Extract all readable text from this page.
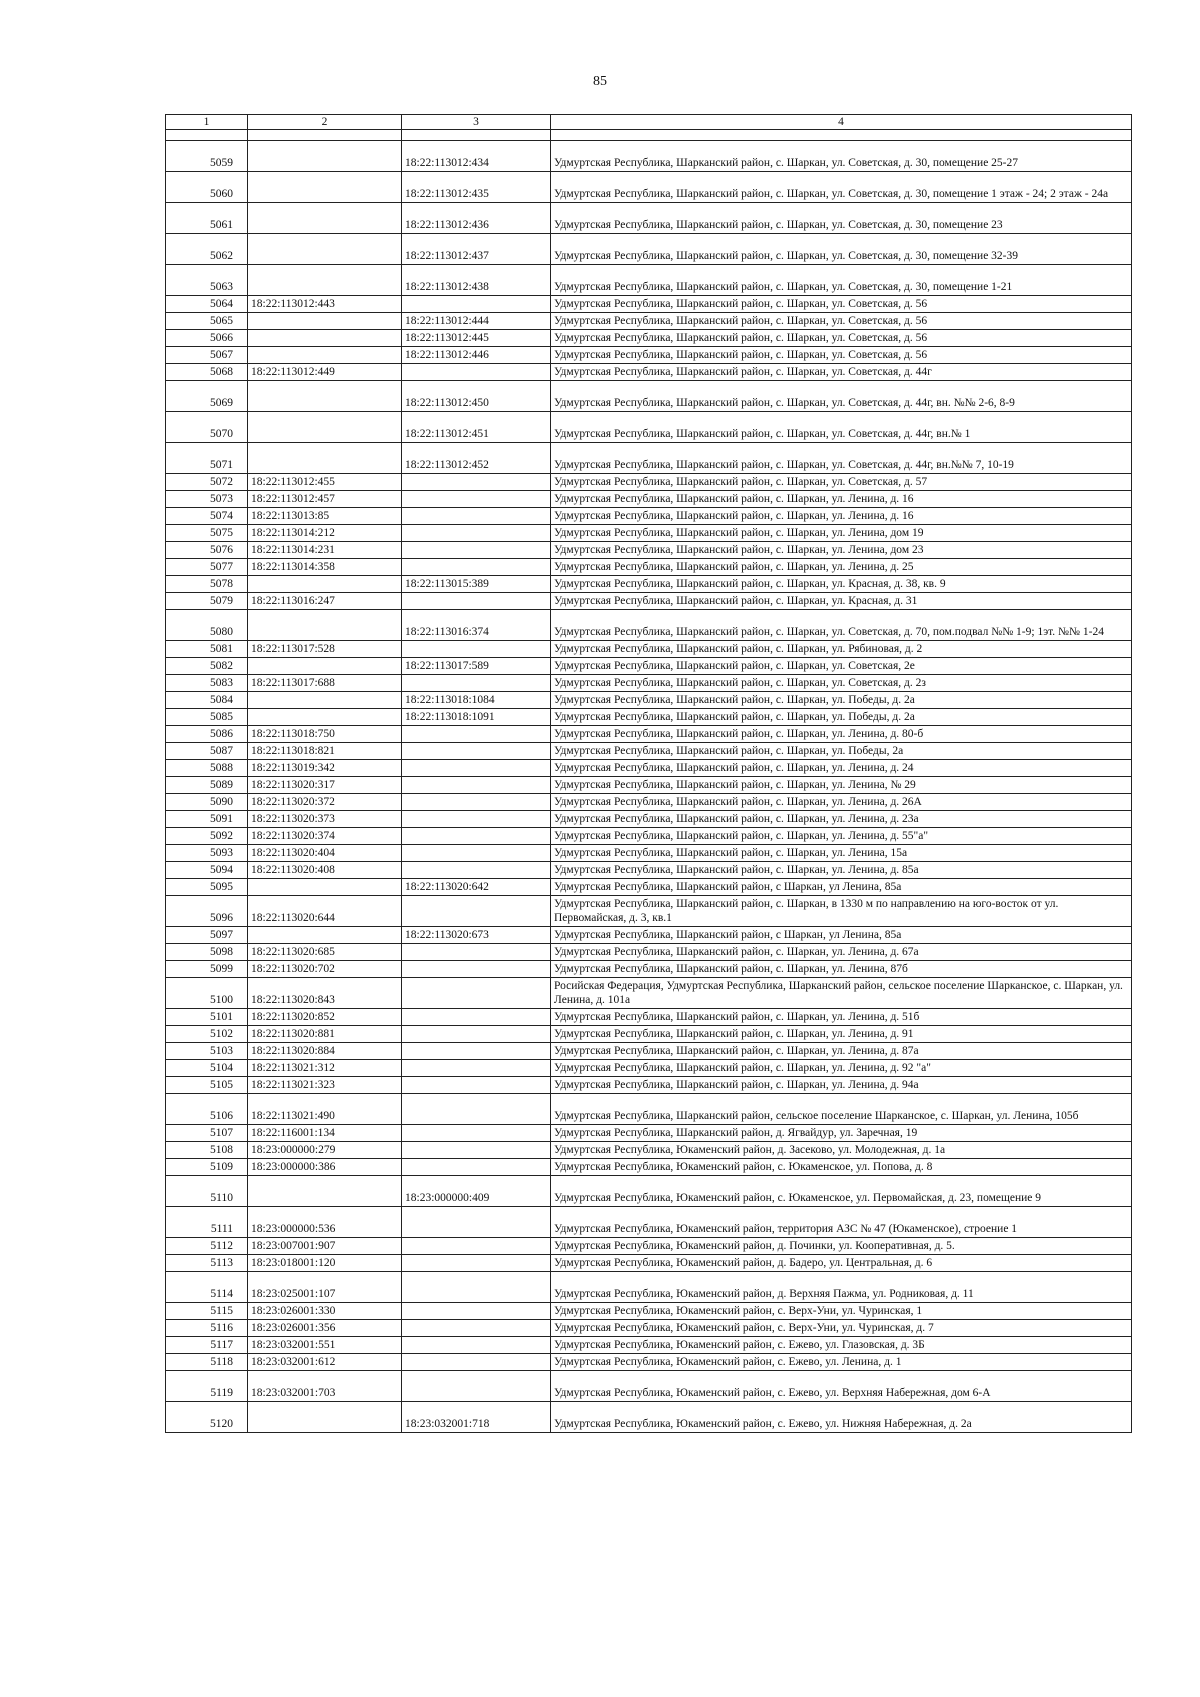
85
1	2	3	4

5059		18:22:113012:434	Удмуртская Республика, Шарканский район, с. Шаркан, ул. Советская, д. 30, помещение 25-27
5060		18:22:113012:435	Удмуртская Республика, Шарканский район, с. Шаркан, ул. Советская, д. 30, помещение 1 этаж - 24; 2 этаж - 24а
5061		18:22:113012:436	Удмуртская Республика, Шарканский район, с. Шаркан, ул. Советская, д. 30, помещение 23
5062		18:22:113012:437	Удмуртская Республика, Шарканский район, с. Шаркан, ул. Советская, д. 30, помещение 32-39
5063		18:22:113012:438	Удмуртская Республика, Шарканский район, с. Шаркан, ул. Советская, д. 30, помещение 1-21
5064	18:22:113012:443		Удмуртская Республика, Шарканский район, с. Шаркан, ул. Советская, д. 56
5065		18:22:113012:444	Удмуртская Республика, Шарканский район, с. Шаркан, ул. Советская, д. 56
5066		18:22:113012:445	Удмуртская Республика, Шарканский район, с. Шаркан, ул. Советская, д. 56
5067		18:22:113012:446	Удмуртская Республика, Шарканский район, с. Шаркан, ул. Советская, д. 56
5068	18:22:113012:449		Удмуртская Республика, Шарканский район, с. Шаркан, ул. Советская, д. 44г
5069		18:22:113012:450	Удмуртская Республика, Шарканский район, с. Шаркан, ул. Советская, д. 44г, вн. №№ 2-6, 8-9
5070		18:22:113012:451	Удмуртская Республика, Шарканский район, с. Шаркан, ул. Советская, д. 44г, вн.№ 1
5071		18:22:113012:452	Удмуртская Республика, Шарканский район, с. Шаркан, ул. Советская, д. 44г, вн.№№ 7, 10-19
5072	18:22:113012:455		Удмуртская Республика, Шарканский район, с. Шаркан, ул. Советская, д. 57
5073	18:22:113012:457		Удмуртская Республика, Шарканский район, с. Шаркан, ул. Ленина, д. 16
5074	18:22:113013:85		Удмуртская Республика, Шарканский район, с. Шаркан, ул. Ленина, д. 16
5075	18:22:113014:212		Удмуртская Республика, Шарканский район, с. Шаркан, ул. Ленина, дом 19
5076	18:22:113014:231		Удмуртская Республика, Шарканский район, с. Шаркан, ул. Ленина, дом 23
5077	18:22:113014:358		Удмуртская Республика, Шарканский район, с. Шаркан, ул. Ленина, д. 25
5078		18:22:113015:389	Удмуртская Республика, Шарканский район, с. Шаркан, ул. Красная, д. 38, кв. 9
5079	18:22:113016:247		Удмуртская Республика, Шарканский район, с. Шаркан, ул. Красная, д. 31
5080		18:22:113016:374	Удмуртская Республика, Шарканский район, с. Шаркан, ул. Советская, д. 70, пом.подвал №№ 1-9; 1эт. №№ 1-24
5081	18:22:113017:528		Удмуртская Республика, Шарканский район, с. Шаркан, ул. Рябиновая, д. 2
5082		18:22:113017:589	Удмуртская Республика, Шарканский район, с. Шаркан, ул. Советская, 2е
5083	18:22:113017:688		Удмуртская Республика, Шарканский район, с. Шаркан, ул. Советская, д. 2з
5084		18:22:113018:1084	Удмуртская Республика, Шарканский район, с. Шаркан, ул. Победы, д. 2а
5085		18:22:113018:1091	Удмуртская Республика, Шарканский район, с. Шаркан, ул. Победы, д. 2а
5086	18:22:113018:750		Удмуртская Республика, Шарканский район, с. Шаркан, ул. Ленина, д. 80-б
5087	18:22:113018:821		Удмуртская Республика, Шарканский район, с. Шаркан, ул. Победы, 2а
5088	18:22:113019:342		Удмуртская Республика, Шарканский район, с. Шаркан, ул. Ленина, д. 24
5089	18:22:113020:317		Удмуртская Республика, Шарканский район, с. Шаркан, ул. Ленина, № 29
5090	18:22:113020:372		Удмуртская Республика, Шарканский район, с. Шаркан, ул. Ленина, д. 26А
5091	18:22:113020:373		Удмуртская Республика, Шарканский район, с. Шаркан, ул. Ленина, д. 23а
5092	18:22:113020:374		Удмуртская Республика, Шарканский район, с. Шаркан, ул. Ленина, д. 55"а"
5093	18:22:113020:404		Удмуртская Республика, Шарканский район, с. Шаркан, ул. Ленина, 15а
5094	18:22:113020:408		Удмуртская Республика, Шарканский район, с. Шаркан, ул. Ленина, д. 85а
5095		18:22:113020:642	Удмуртская Республика, Шарканский район, с Шаркан, ул Ленина, 85а
5096	18:22:113020:644		Удмуртская Республика, Шарканский район, с. Шаркан, в 1330 м по направлению на юго-восток от ул. Первомайская, д. 3, кв.1
5097		18:22:113020:673	Удмуртская Республика, Шарканский район, с Шаркан, ул Ленина, 85а
5098	18:22:113020:685		Удмуртская Республика, Шарканский район, с. Шаркан, ул. Ленина, д. 67а
5099	18:22:113020:702		Удмуртская Республика, Шарканский район, с. Шаркан, ул. Ленина, 87б
5100	18:22:113020:843		Росийская Федерация, Удмуртская Республика, Шарканский район, сельское поселение Шарканское, с. Шаркан, ул. Ленина, д. 101а
5101	18:22:113020:852		Удмуртская Республика, Шарканский район, с. Шаркан, ул. Ленина, д. 51б
5102	18:22:113020:881		Удмуртская Республика, Шарканский район, с. Шаркан, ул. Ленина, д. 91
5103	18:22:113020:884		Удмуртская Республика, Шарканский район, с. Шаркан, ул. Ленина, д. 87а
5104	18:22:113021:312		Удмуртская Республика, Шарканский район, с. Шаркан, ул. Ленина, д. 92 "а"
5105	18:22:113021:323		Удмуртская Республика, Шарканский район, с. Шаркан, ул. Ленина, д. 94а
5106	18:22:113021:490		Удмуртская Республика, Шарканский район, сельское поселение Шарканское, с. Шаркан, ул. Ленина, 105б
5107	18:22:116001:134		Удмуртская Республика, Шарканский район, д. Ягвайдур, ул. Заречная, 19
5108	18:23:000000:279		Удмуртская Республика, Юкаменский район, д. Засеково, ул. Молодежная, д. 1а
5109	18:23:000000:386		Удмуртская Республика, Юкаменский район, с. Юкаменское, ул. Попова, д. 8
5110		18:23:000000:409	Удмуртская Республика, Юкаменский район, с. Юкаменское, ул. Первомайская, д. 23, помещение 9
5111	18:23:000000:536		Удмуртская Республика, Юкаменский район, территория АЗС № 47 (Юкаменское), строение 1
5112	18:23:007001:907		Удмуртская Республика, Юкаменский район, д. Починки, ул. Кооперативная, д. 5.
5113	18:23:018001:120		Удмуртская Республика, Юкаменский район, д. Бадеро, ул. Центральная, д. 6
5114	18:23:025001:107		Удмуртская Республика, Юкаменский район, д. Верхняя Пажма, ул. Родниковая, д. 11
5115	18:23:026001:330		Удмуртская Республика, Юкаменский район, с. Верх-Уни, ул. Чуринская, 1
5116	18:23:026001:356		Удмуртская Республика, Юкаменский район, с. Верх-Уни, ул. Чуринская, д. 7
5117	18:23:032001:551		Удмуртская Республика, Юкаменский район, с. Ежево, ул. Глазовская, д. 3Б
5118	18:23:032001:612		Удмуртская Республика, Юкаменский район, с. Ежево, ул. Ленина, д. 1
5119	18:23:032001:703		Удмуртская Республика, Юкаменский район, с. Ежево, ул. Верхняя Набережная, дом 6-А
5120		18:23:032001:718	Удмуртская Республика, Юкаменский район, с. Ежево, ул. Нижняя Набережная, д. 2а
